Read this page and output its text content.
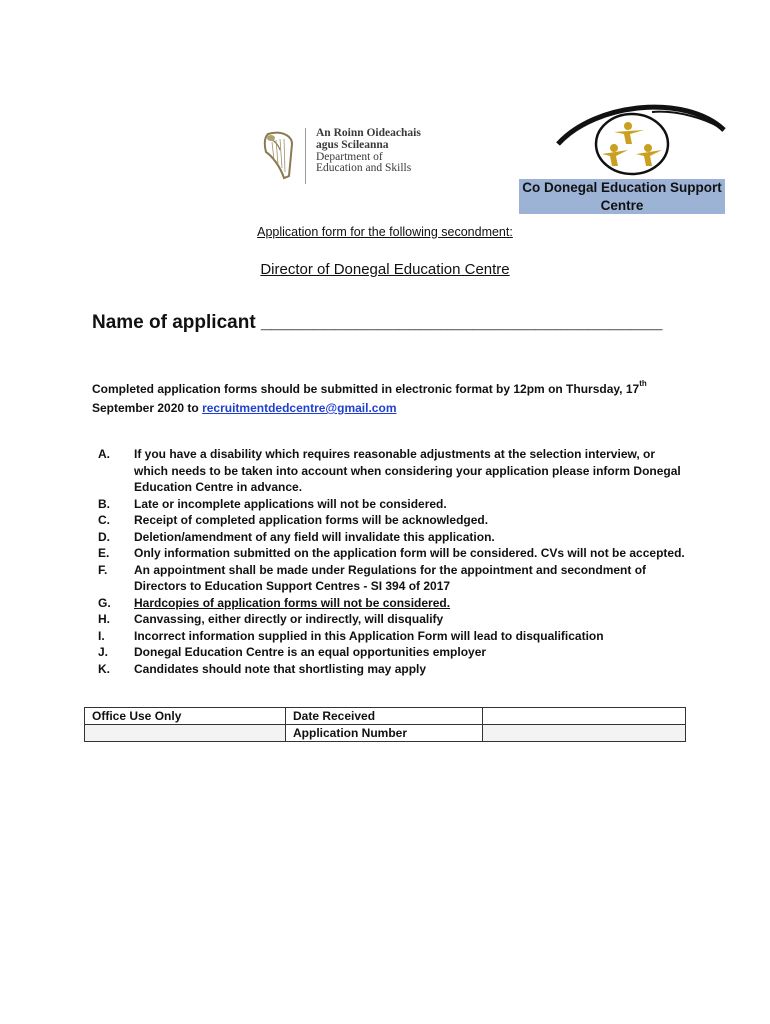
An Roinn Oideachais
agus Scileanna
Department of
Education and Skills
Co Donegal Education Support Centre
Application form for the following secondment:
Director of Donegal Education Centre
Name of applicant ______________________________________
Completed application forms should be submitted in electronic format by 12pm on Thursday, 17th
September 2020 to recruitmentdedcentre@gmail.com
A. If you have a disability which requires reasonable adjustments at the selection interview, or which needs to be taken into account when considering your application please inform Donegal Education Centre in advance.
B. Late or incomplete applications will not be considered.
C. Receipt of completed application forms will be acknowledged.
D. Deletion/amendment of any field will invalidate this application.
E. Only information submitted on the application form will be considered. CVs will not be accepted.
F. An appointment shall be made under Regulations for the appointment and secondment of Directors to Education Support Centres - SI 394 of 2017
G. Hardcopies of application forms will not be considered.
H. Canvassing, either directly or indirectly, will disqualify
I. Incorrect information supplied in this Application Form will lead to disqualification
J. Donegal Education Centre is an equal opportunities employer
K. Candidates should note that shortlisting may apply
Office Use Only	Date Received	
	Application Number	
